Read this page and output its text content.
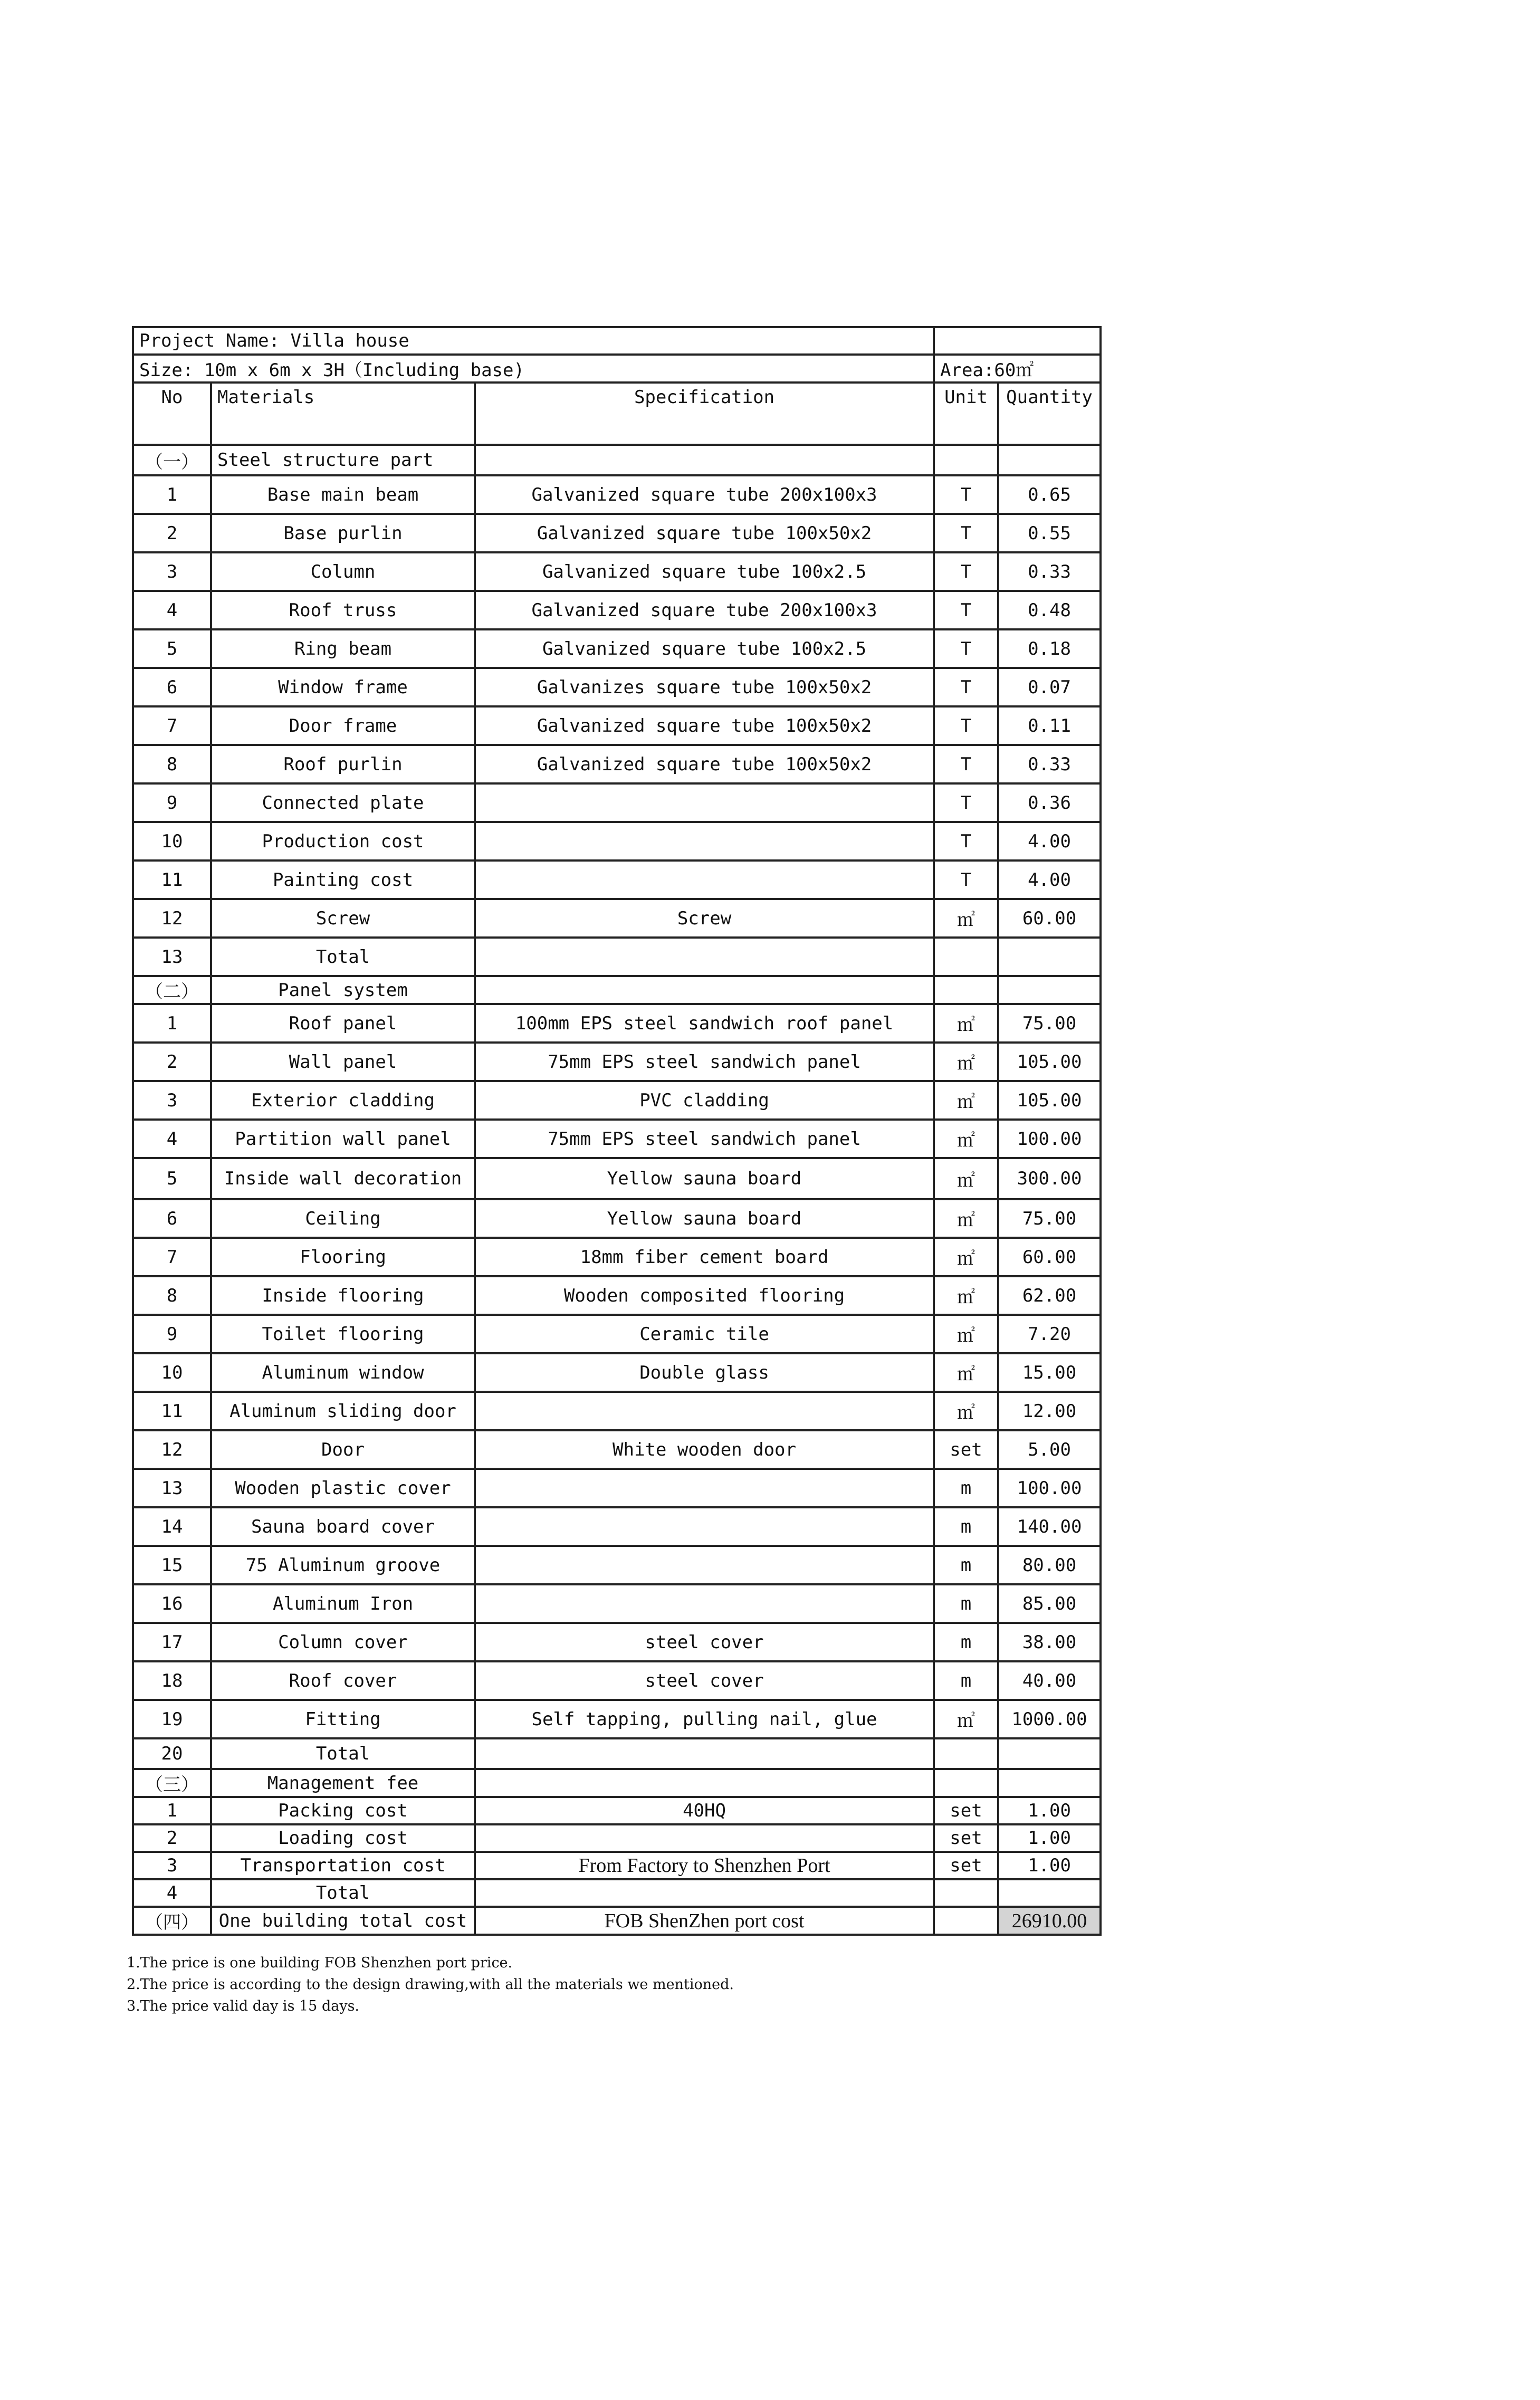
Project Name: Villa house				
Size: 10m x 6m x 3H（Including base)			Area:60㎡	
No	Materials	Specification	Unit	Quantity
（一）	Steel structure part			
1	Base main beam	Galvanized square tube 200x100x3	T	0.65
2	Base purlin	Galvanized square tube 100x50x2	T	0.55
3	Column	Galvanized square tube 100x2.5	T	0.33
4	Roof truss	Galvanized square tube 200x100x3	T	0.48
5	Ring beam	Galvanized square tube 100x2.5	T	0.18
6	Window frame	Galvanizes square tube 100x50x2	T	0.07
7	Door frame	Galvanized square tube 100x50x2	T	0.11
8	Roof purlin	Galvanized square tube 100x50x2	T	0.33
9	Connected plate		T	0.36
10	Production cost		T	4.00
11	Painting cost		T	4.00
12	Screw	Screw	㎡	60.00
13	Total			
（二）	Panel system			
1	Roof panel	100mm EPS steel sandwich roof panel	㎡	75.00
2	Wall panel	75mm EPS steel sandwich panel	㎡	105.00
3	Exterior cladding	PVC cladding	㎡	105.00
4	Partition wall panel	75mm EPS steel sandwich panel	㎡	100.00
5	Inside wall decoration	Yellow sauna board	㎡	300.00
6	Ceiling	Yellow sauna board	㎡	75.00
7	Flooring	18mm fiber cement board	㎡	60.00
8	Inside flooring	Wooden composited flooring	㎡	62.00
9	Toilet flooring	Ceramic tile	㎡	7.20
10	Aluminum window	Double glass	㎡	15.00
11	Aluminum sliding door		㎡	12.00
12	Door	White wooden door	set	5.00
13	Wooden plastic cover		m	100.00
14	Sauna board cover		m	140.00
15	75 Aluminum groove		m	80.00
16	Aluminum Iron		m	85.00
17	Column cover	steel cover	m	38.00
18	Roof cover	steel cover	m	40.00
19	Fitting	Self tapping, pulling nail, glue	㎡	1000.00
20	Total			
（三）	Management fee			
1	Packing cost	40HQ	set	1.00
2	Loading cost		set	1.00
3	Transportation cost	From Factory to Shenzhen Port	set	1.00
4	Total			
（四）	One building total cost	FOB ShenZhen port cost		26910.00
1.The price is one building FOB Shenzhen port price.
2.The price is according to the design drawing,with all the materials we mentioned.
3.The price valid day is 15 days.
